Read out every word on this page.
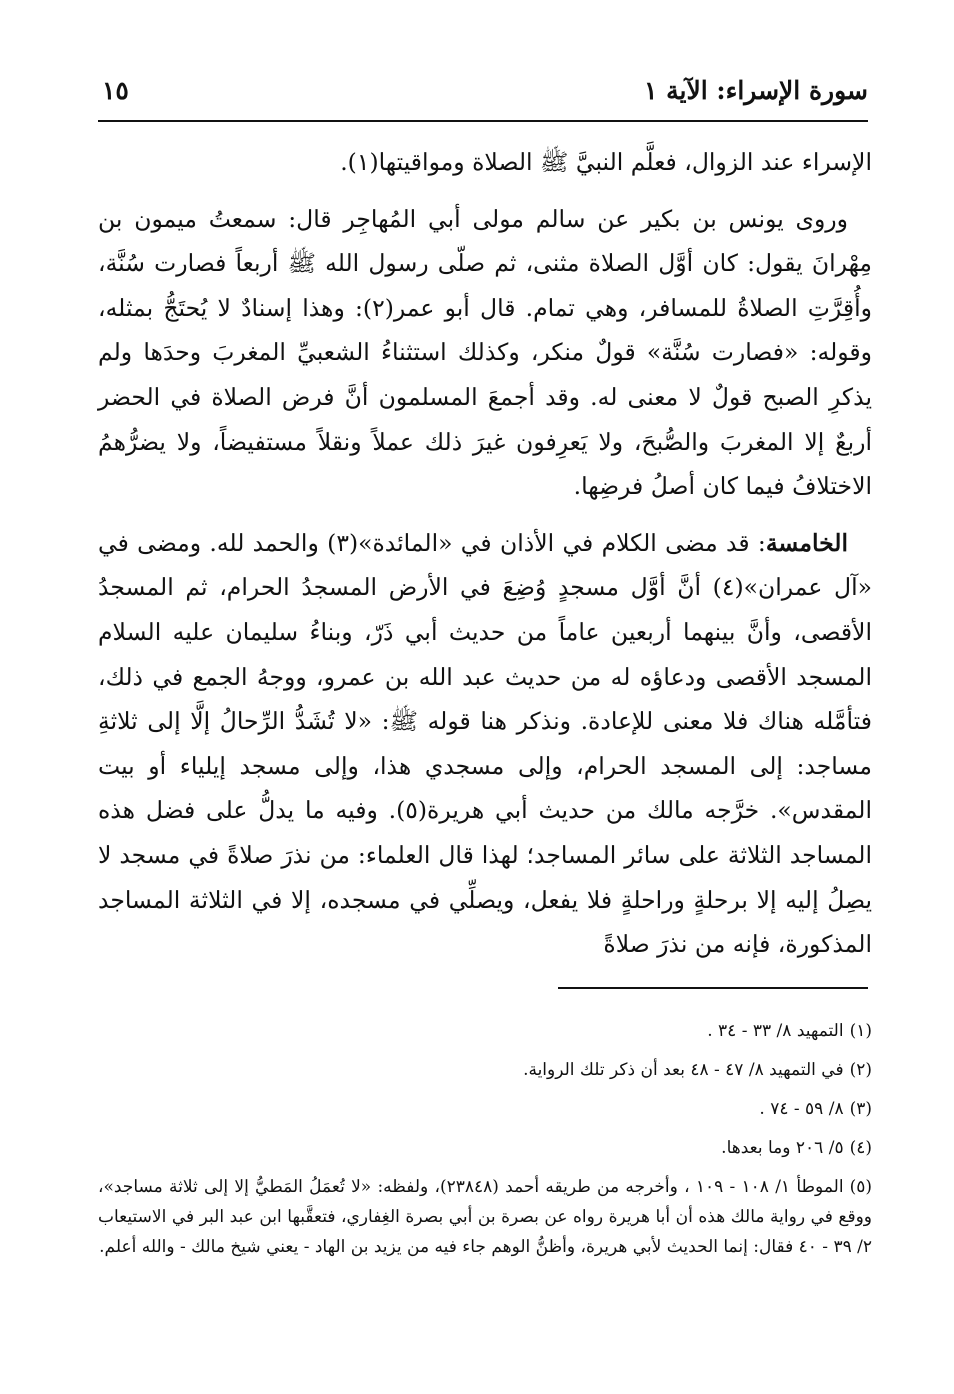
سورة الإسراء: الآية ١
١٥

الإسراء عند الزوال، فعلَّم النبيَّ ﷺ الصلاة ومواقيتها(١).

وروى يونس بن بكير عن سالم مولى أبي المُهاجِر قال: سمعتُ ميمون بن مِهْرانَ يقول: كان أوَّل الصلاة مثنى، ثم صلّى رسول الله ﷺ أربعاً فصارت سُنَّة، وأُقِرَّتِ الصلاةُ للمسافر، وهي تمام. قال أبو عمر(٢): وهذا إسنادٌ لا يُحتَجُّ بمثله، وقوله: «فصارت سُنَّة» قولٌ منكر، وكذلك استثناءُ الشعبيِّ المغربَ وحدَها ولم يذكرِ الصبح قولٌ لا معنى له. وقد أجمعَ المسلمون أنَّ فرض الصلاة في الحضر أربعٌ إلا المغربَ والصُّبحَ، ولا يَعرِفون غيرَ ذلك عملاً ونقلاً مستفيضاً، ولا يضرُّهمُ الاختلافُ فيما كان أصلُ فرضِها.

الخامسة: قد مضى الكلام في الأذان في «المائدة»(٣) والحمد لله. ومضى في «آل عمران»(٤) أنَّ أوَّل مسجدٍ وُضِعَ في الأرض المسجدُ الحرام، ثم المسجدُ الأقصى، وأنَّ بينهما أربعين عاماً من حديث أبي ذَرّ، وبناءُ سليمان عليه السلام المسجد الأقصى ودعاؤه له من حديث عبد الله بن عمرو، ووجهُ الجمع في ذلك، فتأمَّله هناك فلا معنى للإعادة. ونذكر هنا قوله ﷺ: «لا تُشَدُّ الرِّحالُ إلَّا إلى ثلاثةِ مساجد: إلى المسجد الحرام، وإلى مسجدي هذا، وإلى مسجد إيلياء أو بيت المقدس». خرَّجه مالك من حديث أبي هريرة(٥). وفيه ما يدلُّ على فضل هذه المساجد الثلاثة على سائر المساجد؛ لهذا قال العلماء: من نذرَ صلاةً في مسجد لا يصِلُ إليه إلا برحلةٍ وراحلةٍ فلا يفعل، ويصلِّي في مسجده، إلا في الثلاثة المساجد المذكورة، فإنه من نذرَ صلاةً

(١)التمهيد ٨/ ٣٣ - ٣٤ .
(٢)في التمهيد ٨/ ٤٧ - ٤٨ بعد أن ذكر تلك الرواية.
(٣)٨/ ٥٩ - ٧٤ .
(٤)٥/ ٢٠٦ وما بعدها.
(٥)الموطأ ١/ ١٠٨ - ١٠٩ ، وأخرجه من طريقه أحمد (٢٣٨٤٨)، ولفظه: «لا تُعمَلُ المَطيُّ إلا إلى ثلاثة مساجد»، ووقع في رواية مالك هذه أن أبا هريرة رواه عن بصرة بن أبي بصرة الغِفاري، فتعقَّبها ابن عبد البر في الاستيعاب ٢/ ٣٩ - ٤٠ فقال: إنما الحديث لأبي هريرة، وأظنُّ الوهم جاء فيه من يزيد بن الهاد - يعني شيخ مالك - والله أعلم.
